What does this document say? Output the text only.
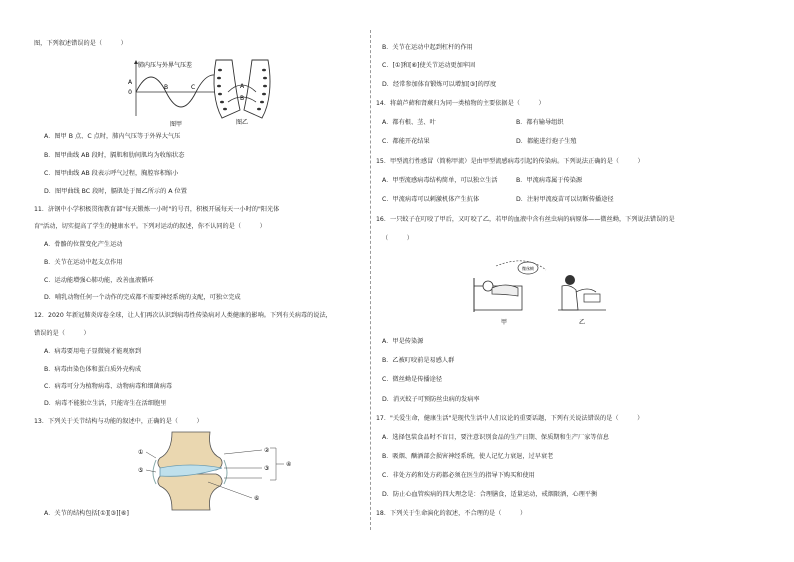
图，下列叙述错误的是（　　　）
0
肺内压与外界气压差
A
B	C
图甲
A
B
图乙
A．图甲 B 点、C 点时，肺内气压等于外界大气压
B．图甲曲线 AB 段时，膈肌和肋间肌均为收缩状态
C．图甲曲线 AB 段表示呼气过程，胸腔容积缩小
D．图甲曲线 BC 段时，膈肌处于图乙所示的 A 位置
11．济钢中小学积极贯彻教育部"每天锻炼一小时"的号召，积极开展每天一小时的"阳光体
育"活动，切实提高了学生的健康水平。下列对运动的叙述，你不认同的是（　　　）
A．骨骼的位置变化产生运动
B．关节在运动中起支点作用
C．运动能增强心肺功能，改善血液循环
D．哺乳动物任何一个动作的完成都不需要神经系统的支配，可独立完成
12．2020 年新冠肺炎席卷全球，让人们再次认识到病毒性传染病对人类健康的影响。下列有关病毒的说法，
错误的是（　　　）
A．病毒要用电子显微镜才能观察到
B．病毒由染色体和蛋白质外壳构成
C．病毒可分为植物病毒、动物病毒和细菌病毒
D．病毒不能独立生活，只能寄生在活细胞里
13．下列关于关节结构与功能的叙述中，正确的是（　　　）
②
③
④
⑥
①
⑤
A．关节的结构包括[①][③][⑥]
B．关节在运动中起到杠杆的作用
C．[①]和[⑥]使关节运动更加牢固
D．经常参加体育锻炼可以增加[③]的厚度
14．将葫芦藓和肾蕨归为同一类植物的主要依据是（　　　）
A．都有根、茎、叶	B．都有输导组织
C．都能开花结果	D．都能进行孢子生殖
15．甲型流行性感冒（简称甲流）是由甲型流感病毒引起的传染病。下列说法正确的是（　　　）
A．甲型流感病毒结构简单，可以独立生活	B．甲流病毒属于传染源
C．甲流病毒可以刺激机体产生抗体	D．注射甲流疫苗可以切断传播途径
16．一只蚊子在叮咬了甲后，又叮咬了乙，若甲的血液中含有丝虫病的病原体——微丝蚴，下列说法错误的是
（　　　）
微丝蚴
甲	乙
A．甲是传染源
B．乙被叮咬前是易感人群
C．微丝蚴是传播途径
D．消灭蚊子可预防丝虫病的发病率
17．"关爱生命，健康生活"是现代生活中人们议论的重要话题，下列有关说法错误的是（　　　）
A．选择包装食品时不盲目，要注意识别食品的生产日期、保质期和生产厂家等信息
B．吸烟、酗酒部会损害神经系统，使人记忆力衰退，过早衰老
C．非处方药和处方药都必须在医生的指导下购买和使用
D．防止心血管疾病的四大理念是：合理膳食，适量运动，戒烟限酒，心理平衡
18．下列关于生命演化的叙述，不合理的是（　　　）
